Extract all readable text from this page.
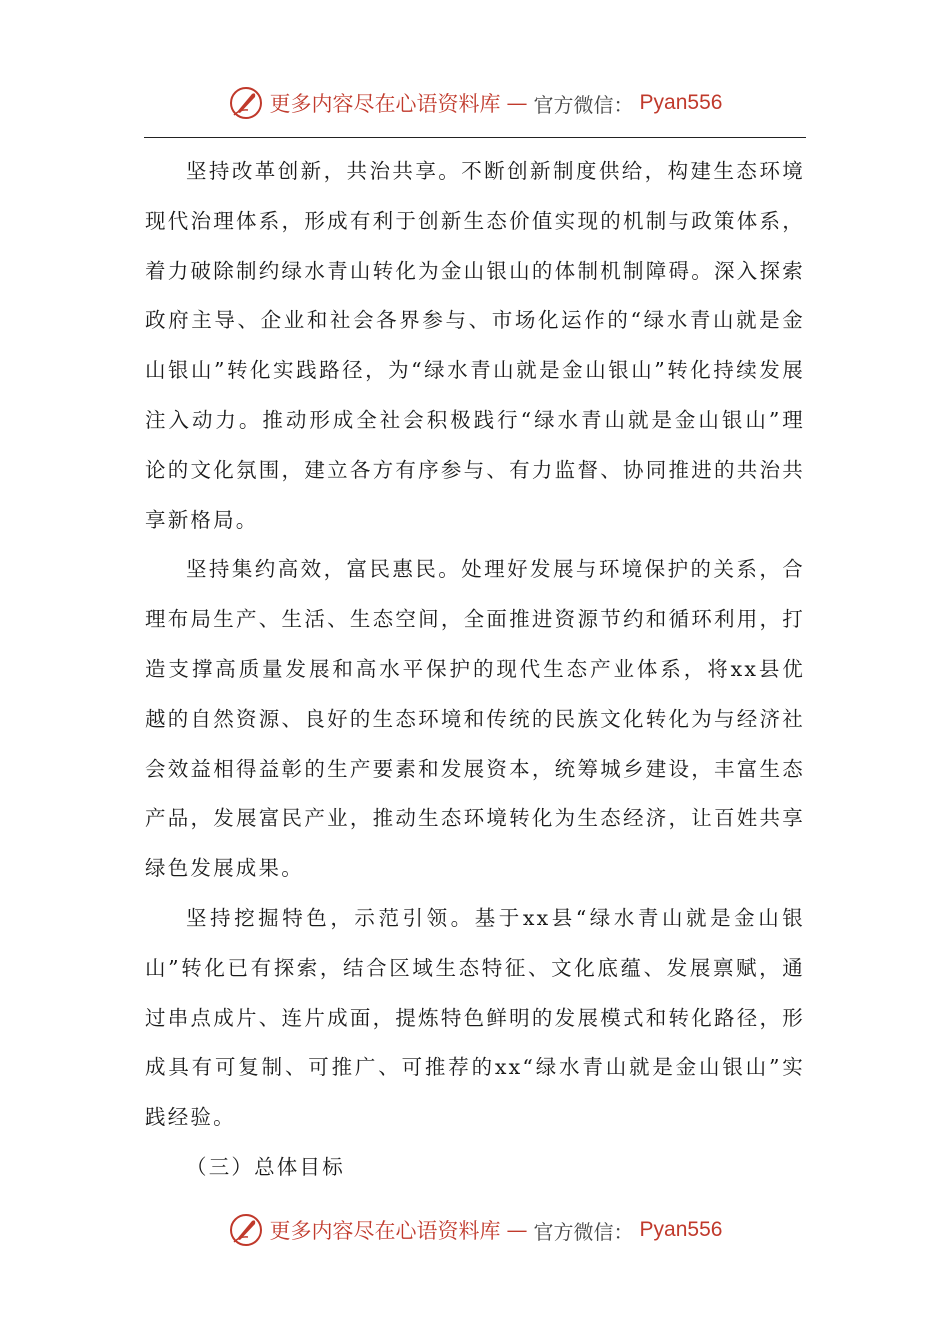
更多内容尽在心语资料库 — 官方微信： Pyan556

坚持改革创新，共治共享。不断创新制度供给，构建生态环境现代治理体系，形成有利于创新生态价值实现的机制与政策体系，着力破除制约绿水青山转化为金山银山的体制机制障碍。深入探索政府主导、企业和社会各界参与、市场化运作的“绿水青山就是金山银山”转化实践路径，为“绿水青山就是金山银山”转化持续发展注入动力。推动形成全社会积极践行“绿水青山就是金山银山”理论的文化氛围，建立各方有序参与、有力监督、协同推进的共治共享新格局。

坚持集约高效，富民惠民。处理好发展与环境保护的关系，合理布局生产、生活、生态空间，全面推进资源节约和循环利用，打造支撑高质量发展和高水平保护的现代生态产业体系，将xx县优越的自然资源、良好的生态环境和传统的民族文化转化为与经济社会效益相得益彰的生产要素和发展资本，统筹城乡建设，丰富生态产品，发展富民产业，推动生态环境转化为生态经济，让百姓共享绿色发展成果。

坚持挖掘特色，示范引领。基于xx县“绿水青山就是金山银山”转化已有探索，结合区域生态特征、文化底蕴、发展禀赋，通过串点成片、连片成面，提炼特色鲜明的发展模式和转化路径，形成具有可复制、可推广、可推荐的xx“绿水青山就是金山银山”实践经验。

（三）总体目标

更多内容尽在心语资料库 — 官方微信： Pyan556
